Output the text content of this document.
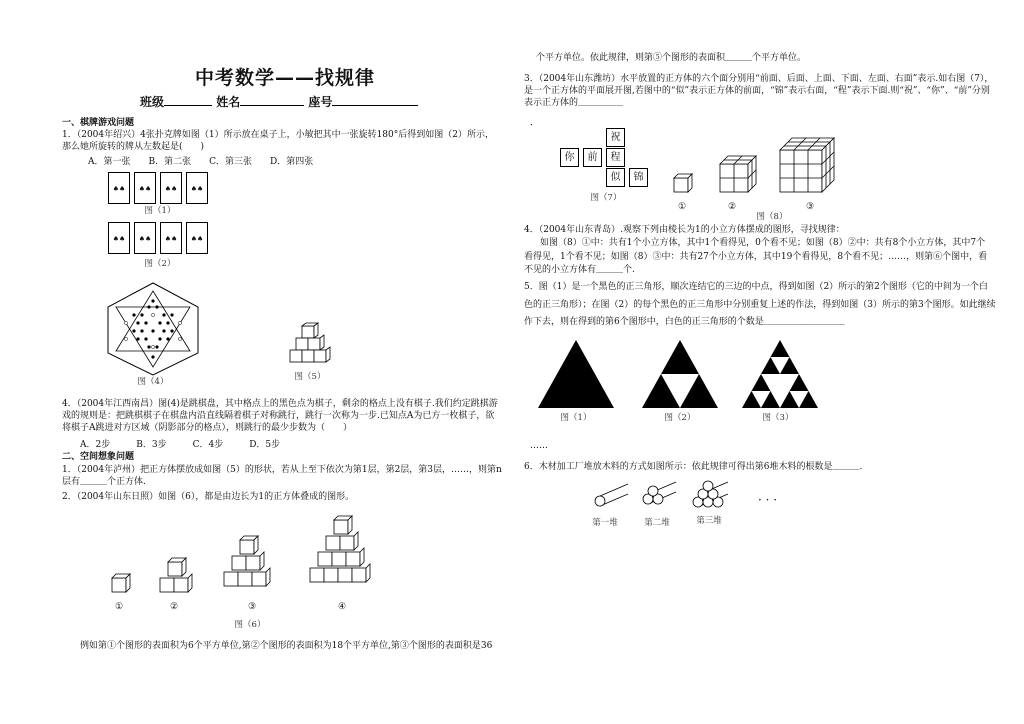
中考数学——找规律
班级	姓名	座号
一、棋牌游戏问题
1．（2004年绍兴）4张扑克牌如图（1）所示放在桌子上，小敏把其中一张旋转180°后得到如图（2）所示，那么她所旋转的牌从左数起是(　　)
A．第一张 B．第二张 C．第三张 D．第四张
♠♠	♠♠	♠♠	♠♠
图（1）
♠♠	♠♠	♠♠	♠♠
图（2）
图（4）	图（5）
4．（2004年江西南昌）图(4)是跳棋盘，其中格点上的黑色点为棋子，剩余的格点上没有棋子.我们约定跳棋游戏的规则是：把跳棋棋子在棋盘内沿直线隔着棋子对称跳行，跳行一次称为一步.已知点A为已方一枚棋子，欲将棋子A跳进对方区域（阴影部分的格点），则跳行的最少步数为（　　）
A．2步	B．3步	C．4步	D．5步
二、空间想象问题
1．（2004年泸州）把正方体摆放成如图（5）的形状，若从上至下依次为第1层，第2层，第3层，……，则第n层有＿＿＿个正方体.
2．（2004年山东日照）如图（6），都是由边长为1的正方体叠成的图形。
①	②	③	④
图（6）
例如第①个图形的表面积为6个平方单位,第②个图形的表面积为18个平方单位,第③个图形的表面积是36
个平方单位。依此规律，则第⑤个图形的表面积＿＿＿个平方单位。
3．（2004年山东潍坊）水平放置的正方体的六个面分别用“前面、后面、上面、下面、左面、右面”表示.如右图（7），是一个正方体的平面展开图,若图中的“似”表示正方体的前面，“锦”表示右面，“程”表示下面.则“祝”、“你”、“前”分别表示正方体的＿＿＿＿＿
．
祝
你	前	程
似	锦
图（7）
①	②	③
图（8）
4．（2004年山东青岛）.观察下列由棱长为1的小立方体摆成的图形，寻找规律：
如图（8）①中：共有1个小立方体，其中1个看得见，0个看不见；如图（8）②中：共有8个小立方体，其中7个看得见，1个看不见；如图（8）③中：共有27个小立方体，其中19个看得见，8个看不见；……，则第⑥个图中，看不见的小立方体有＿＿＿个.
5．图（1）是一个黑色的正三角形，顺次连结它的三边的中点，得到如图（2）所示的第2个图形（它的中间为一个白色的正三角形）；在图（2）的每个黑色的正三角形中分别重复上述的作法，得到如图（3）所示的第3个图形。如此继续作下去，则在得到的第6个图形中，白色的正三角形的个数是＿＿＿＿＿＿＿＿＿
图（1）	图（2）	图（3）
……
6．木材加工厂堆放木料的方式如图所示：依此规律可得出第6堆木料的根数是＿＿＿.
· · ·
第一堆	第二堆	第三堆
